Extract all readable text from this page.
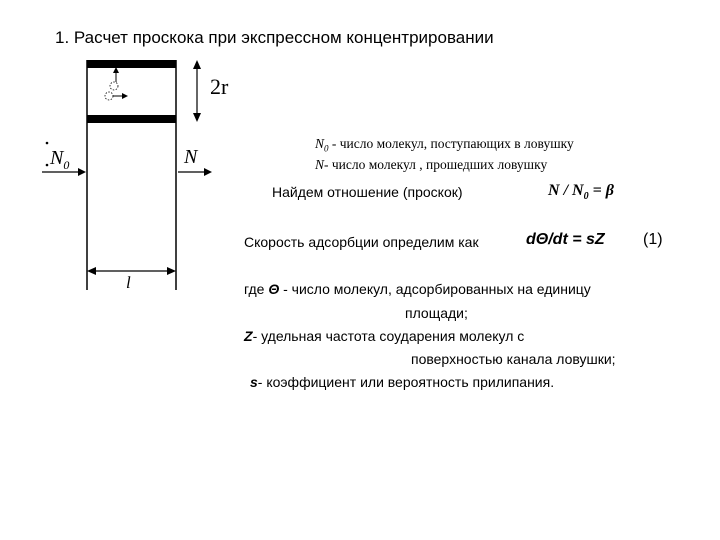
1. Расчет проскока при экспрессном концентрировании
2r
$N_0$	N
l
$N_0$ - число молекул, поступающих в ловушку
N- число молекул , прошедших ловушку
Найдем отношение (проскок)	$N / N_0 = \beta$
Скорость адсорбции определим как	dΘ/dt = sZ (1)
где Θ - число молекул, адсорбированных на единицу
площади;
Z- удельная частота соударения молекул с
поверхностью канала ловушки;
s- коэффициент или вероятность прилипания.
